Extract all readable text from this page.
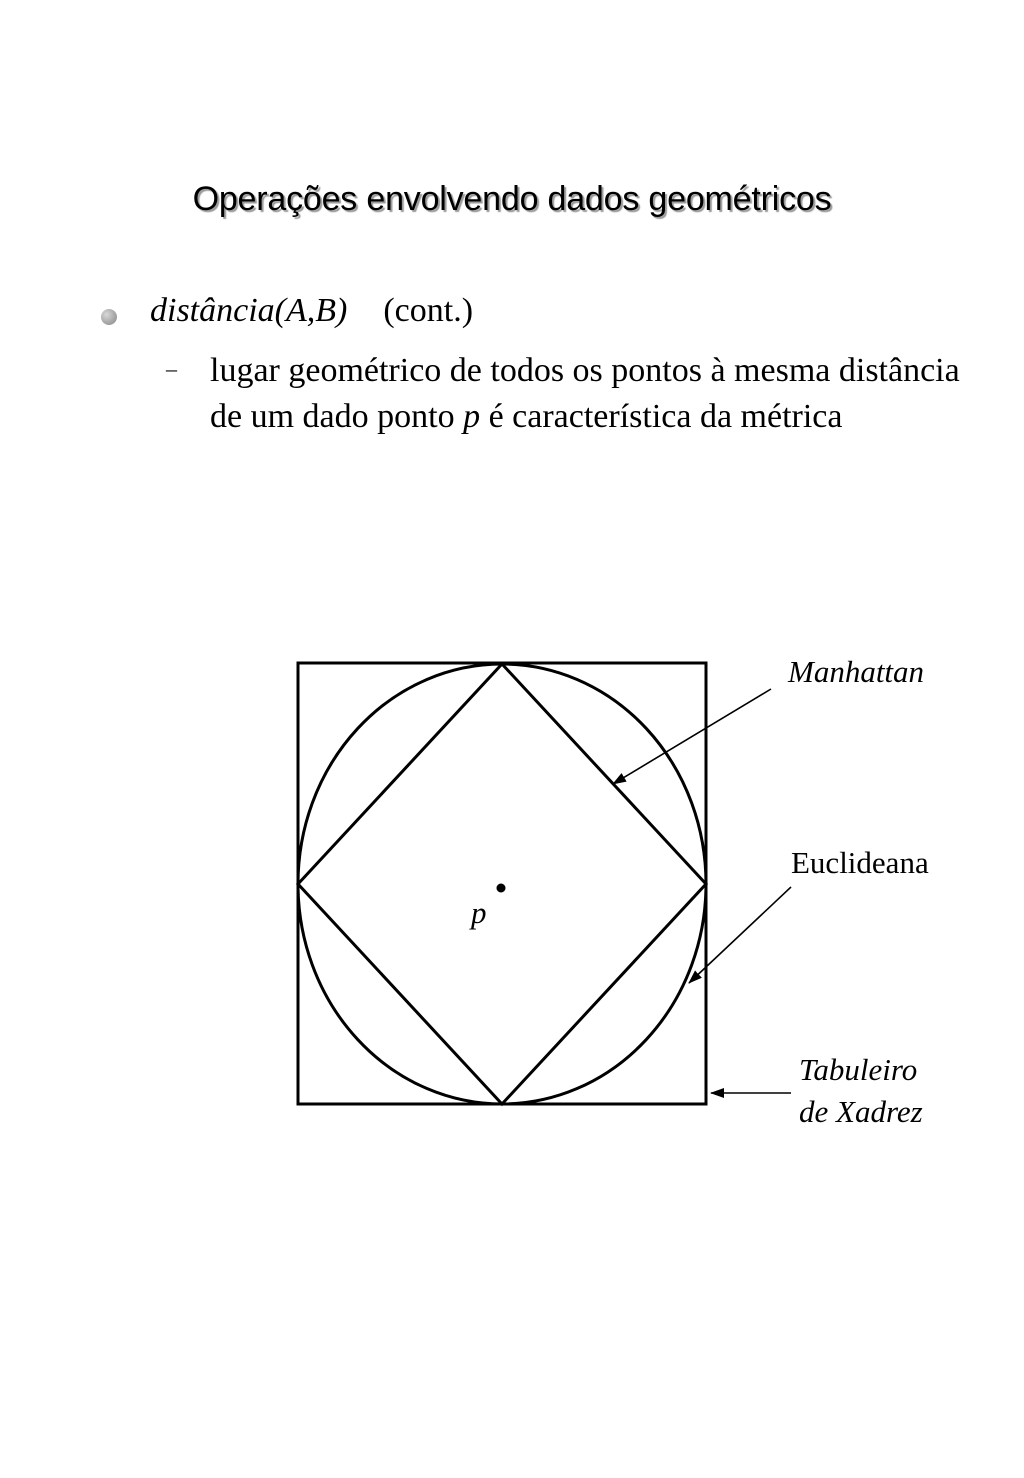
Operações envolvendo dados geométricos
distância(A,B) (cont.)
– lugar geométrico de todos os pontos à mesma distância de um dado ponto p é característica da métrica
p
Manhattan
Euclideana
Tabuleiro
de Xadrez
